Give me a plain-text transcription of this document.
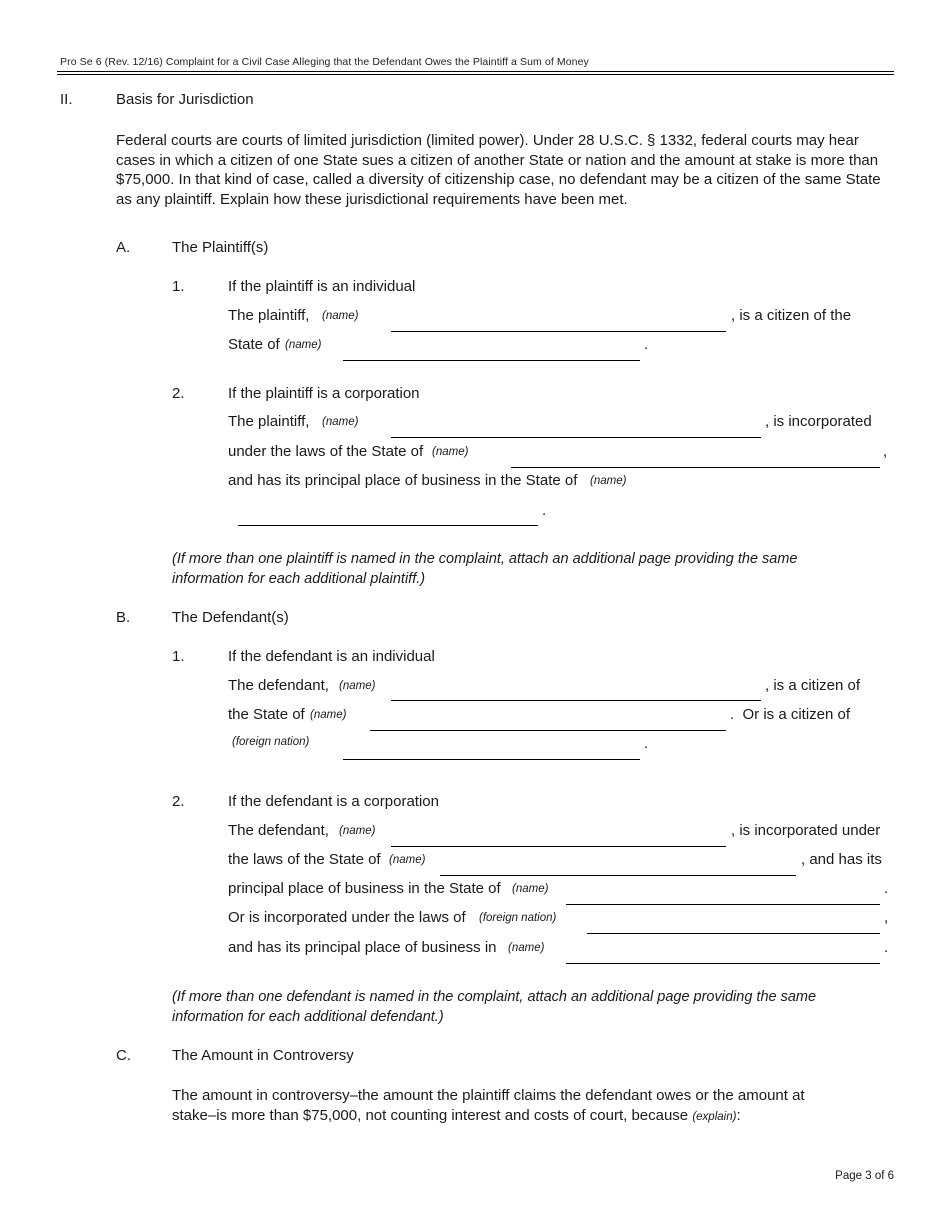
Pro Se 6 (Rev. 12/16) Complaint for a Civil Case Alleging that the Defendant Owes the Plaintiff a Sum of Money
II.	Basis for Jurisdiction
Federal courts are courts of limited jurisdiction (limited power). Under 28 U.S.C. § 1332, federal courts may hear cases in which a citizen of one State sues a citizen of another State or nation and the amount at stake is more than $75,000. In that kind of case, called a diversity of citizenship case, no defendant may be a citizen of the same State as any plaintiff. Explain how these jurisdictional requirements have been met.
A.	The Plaintiff(s)
1.	If the plaintiff is an individual
The plaintiff, (name)	, is a citizen of the
State of (name)	.
2.	If the plaintiff is a corporation
The plaintiff, (name)	, is incorporated
under the laws of the State of (name)	,
and has its principal place of business in the State of (name)
.
(If more than one plaintiff is named in the complaint, attach an additional page providing the same information for each additional plaintiff.)
B.	The Defendant(s)
1.	If the defendant is an individual
The defendant, (name)	, is a citizen of
the State of (name)	.  Or is a citizen of
(foreign nation)	.
2.	If the defendant is a corporation
The defendant, (name)	, is incorporated under
the laws of the State of (name)	, and has its
principal place of business in the State of (name)	.
Or is incorporated under the laws of (foreign nation)	,
and has its principal place of business in (name)	.
(If more than one defendant is named in the complaint, attach an additional page providing the same information for each additional defendant.)
C.	The Amount in Controversy
The amount in controversy–the amount the plaintiff claims the defendant owes or the amount at stake–is more than $75,000, not counting interest and costs of court, because (explain):
Page 3 of 6
